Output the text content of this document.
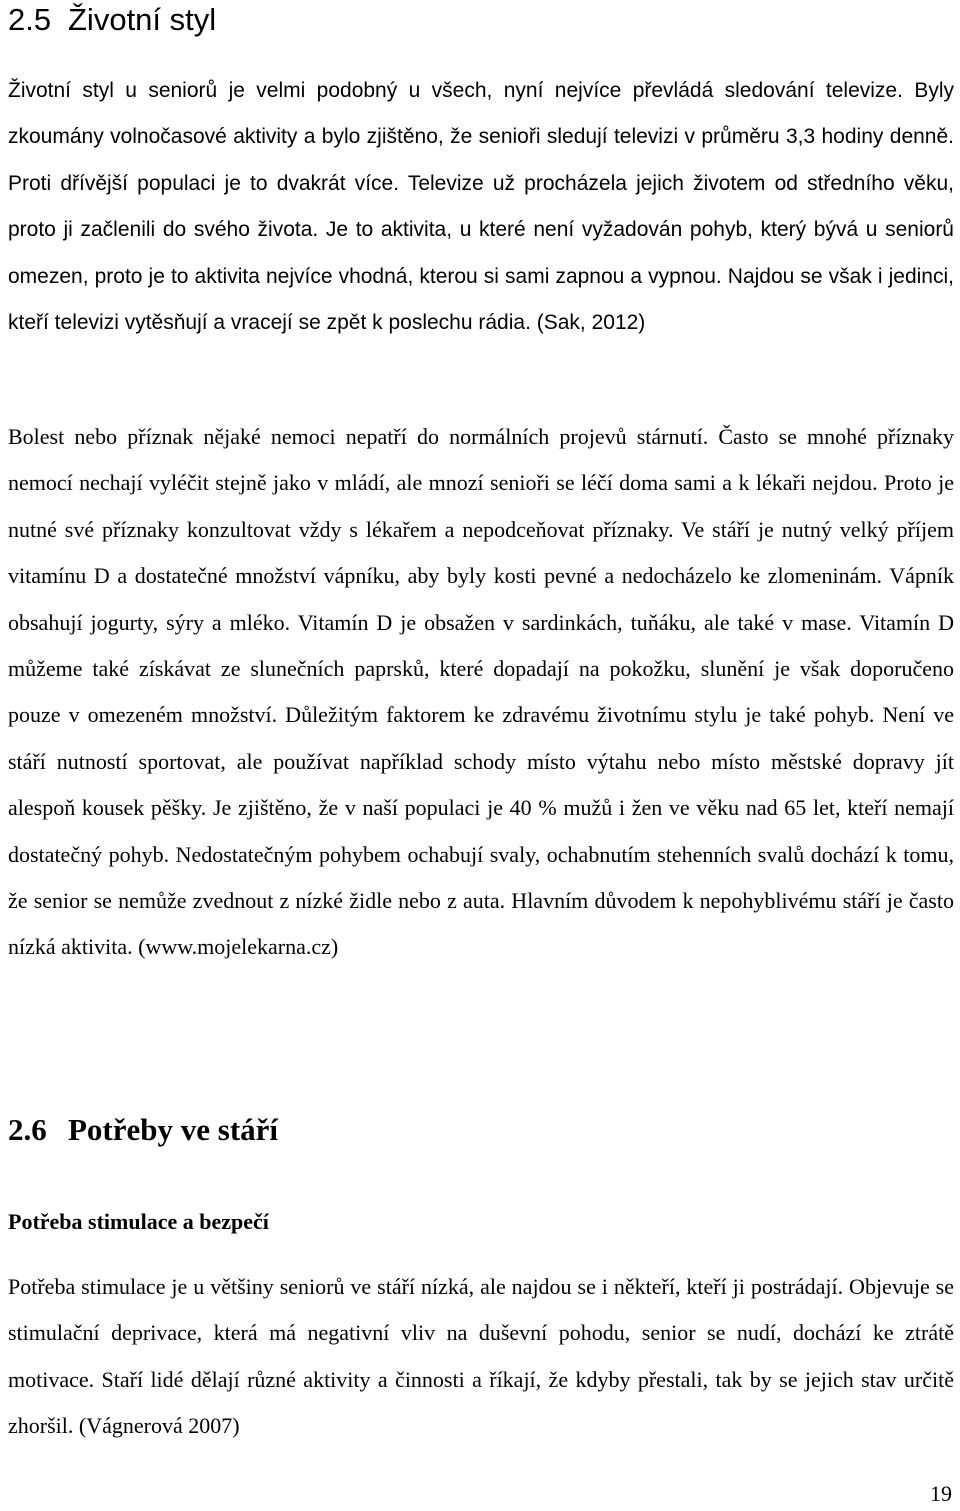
2.5 Životní styl

Životní styl u seniorů je velmi podobný u všech, nyní nejvíce převládá sledování televize. Byly zkoumány volnočasové aktivity a bylo zjištěno, že senioři sledují televizi v průměru 3,3 hodiny denně. Proti dřívější populaci je to dvakrát více. Televize už procházela jejich životem od středního věku, proto ji začlenili do svého života. Je to aktivita, u které není vyžadován pohyb, který bývá u seniorů omezen, proto je to aktivita nejvíce vhodná, kterou si sami zapnou a vypnou. Najdou se však i jedinci, kteří televizi vytěsňují a vracejí se zpět k poslechu rádia. (Sak, 2012)

Bolest nebo příznak nějaké nemoci nepatří do normálních projevů stárnutí. Často se mnohé příznaky nemocí nechají vyléčit stejně jako v mládí, ale mnozí senioři se léčí doma sami a k lékaři nejdou. Proto je nutné své příznaky konzultovat vždy s lékařem a nepodceňovat příznaky. Ve stáří je nutný velký příjem vitamínu D a dostatečné množství vápníku, aby byly kosti pevné a nedocházelo ke zlomeninám. Vápník obsahují jogurty, sýry a mléko. Vitamín D je obsažen v sardinkách, tuňáku, ale také v mase. Vitamín D můžeme také získávat ze slunečních paprsků, které dopadají na pokožku, slunění je však doporučeno pouze v omezeném množství. Důležitým faktorem ke zdravému životnímu stylu je také pohyb. Není ve stáří nutností sportovat, ale používat například schody místo výtahu nebo místo městské dopravy jít alespoň kousek pěšky. Je zjištěno, že v naší populaci je 40 % mužů i žen ve věku nad 65 let, kteří nemají dostatečný pohyb. Nedostatečným pohybem ochabují svaly, ochabnutím stehenních svalů dochází k tomu, že senior se nemůže zvednout z nízké židle nebo z auta. Hlavním důvodem k nepohyblivému stáří je často nízká aktivita. (www.mojelekarna.cz)

2.6 Potřeby ve stáří
Potřeba stimulace a bezpečí

Potřeba stimulace je u většiny seniorů ve stáří nízká, ale najdou se i někteří, kteří ji postrádají. Objevuje se stimulační deprivace, která má negativní vliv na duševní pohodu, senior se nudí, dochází ke ztrátě motivace. Staří lidé dělají různé aktivity a činnosti a říkají, že kdyby přestali, tak by se jejich stav určitě zhoršil. (Vágnerová 2007)

19
